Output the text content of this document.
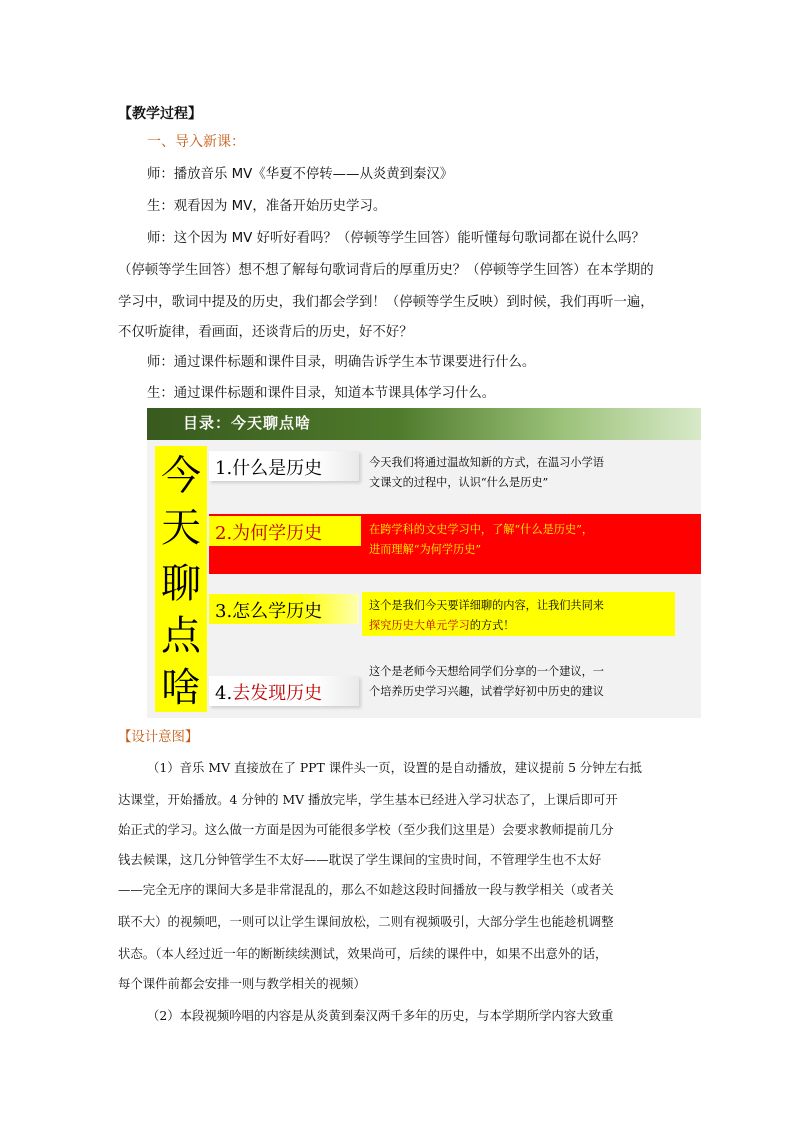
【教学过程】
一、导入新课：
师：播放音乐 MV《华夏不停转——从炎黄到秦汉》
生：观看因为 MV，准备开始历史学习。
师：这个因为 MV 好听好看吗？（停顿等学生回答）能听懂每句歌词都在说什么吗？
（停顿等学生回答）想不想了解每句歌词背后的厚重历史？（停顿等学生回答）在本学期的
学习中，歌词中提及的历史，我们都会学到！（停顿等学生反映）到时候，我们再听一遍，
不仅听旋律，看画面，还谈背后的历史，好不好？
师：通过课件标题和课件目录，明确告诉学生本节课要进行什么。
生：通过课件标题和课件目录，知道本节课具体学习什么。
目录：今天聊点啥
今
天
聊
点
啥
1.什么是历史	今天我们将通过温故知新的方式，在温习小学语
文课文的过程中，认识“什么是历史”
2.为何学历史	在跨学科的文史学习中，了解“什么是历史”，
进而理解“为何学历史”
3.怎么学历史	这个是我们今天要详细聊的内容，让我们共同来
探究历史大单元学习的方式！
4.去发现历史
这个是老师今天想给同学们分享的一个建议，一
个培养历史学习兴趣，试着学好初中历史的建议
【设计意图】
（1）音乐 MV 直接放在了 PPT 课件头一页，设置的是自动播放，建议提前 5 分钟左右抵
达课堂，开始播放。4 分钟的 MV 播放完毕，学生基本已经进入学习状态了，上课后即可开
始正式的学习。这么做一方面是因为可能很多学校（至少我们这里是）会要求教师提前几分
钱去候课，这几分钟管学生不太好——耽误了学生课间的宝贵时间，不管理学生也不太好
——完全无序的课间大多是非常混乱的，那么不如趁这段时间播放一段与教学相关（或者关
联不大）的视频吧，一则可以让学生课间放松，二则有视频吸引，大部分学生也能趁机调整
状态。（本人经过近一年的断断续续测试，效果尚可，后续的课件中，如果不出意外的话，
每个课件前都会安排一则与教学相关的视频）
（2）本段视频吟唱的内容是从炎黄到秦汉两千多年的历史，与本学期所学内容大致重
